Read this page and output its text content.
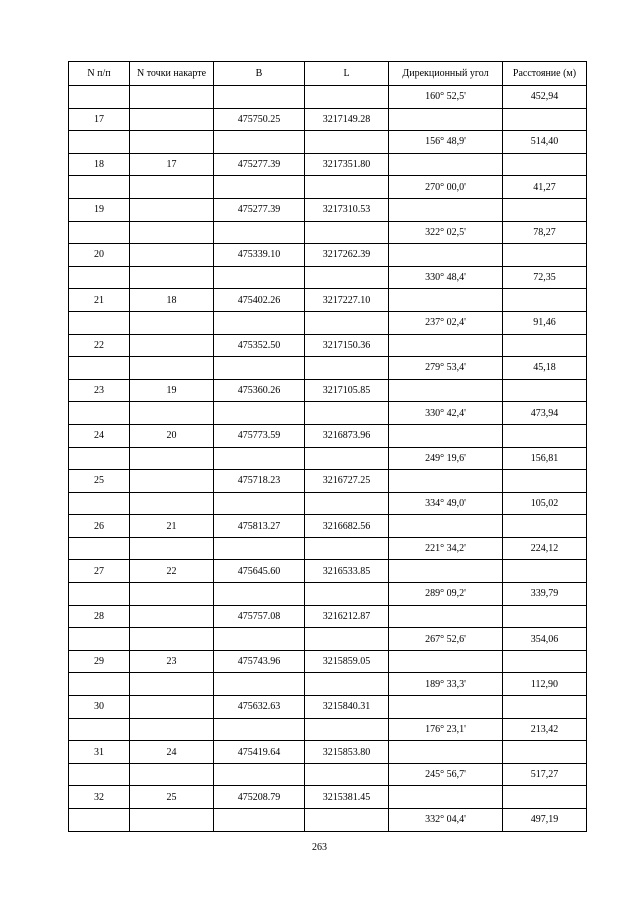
N п/п	N точки накарте	B	L	Дирекционный угол	Расстояние (м)
				160° 52,5'	452,94
17		475750.25	3217149.28		
				156° 48,9'	514,40
18	17	475277.39	3217351.80		
				270° 00,0'	41,27
19		475277.39	3217310.53		
				322° 02,5'	78,27
20		475339.10	3217262.39		
				330° 48,4'	72,35
21	18	475402.26	3217227.10		
				237° 02,4'	91,46
22		475352.50	3217150.36		
				279° 53,4'	45,18
23	19	475360.26	3217105.85		
				330° 42,4'	473,94
24	20	475773.59	3216873.96		
				249° 19,6'	156,81
25		475718.23	3216727.25		
				334° 49,0'	105,02
26	21	475813.27	3216682.56		
				221° 34,2'	224,12
27	22	475645.60	3216533.85		
				289° 09,2'	339,79
28		475757.08	3216212.87		
				267° 52,6'	354,06
29	23	475743.96	3215859.05		
				189° 33,3'	112,90
30		475632.63	3215840.31		
				176° 23,1'	213,42
31	24	475419.64	3215853.80		
				245° 56,7'	517,27
32	25	475208.79	3215381.45		
				332° 04,4'	497,19
263
